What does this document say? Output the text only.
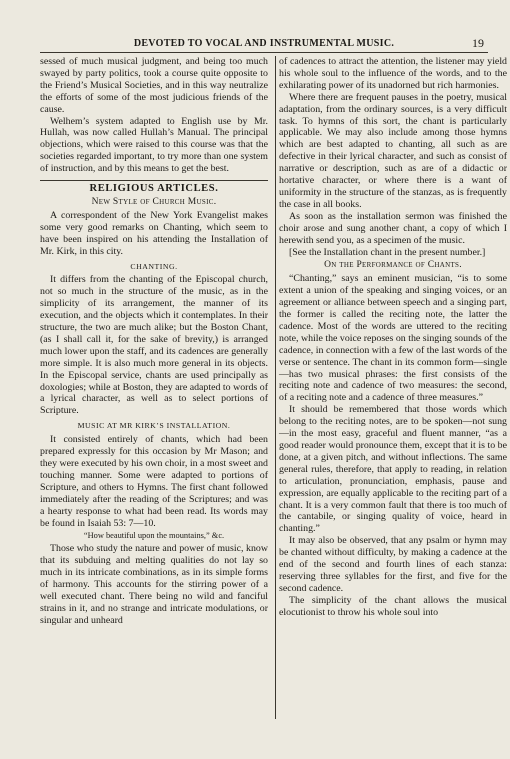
DEVOTED TO VOCAL AND INSTRUMENTAL MUSIC.	19

sessed of much musical judgment, and being too much swayed by party politics, took a course quite opposite to the Friend’s Musical Societies, and in this way neutralize the efforts of some of the most judicious friends of the cause.

Welhem’s system adapted to English use by Mr. Hullah, was now called Hullah’s Manual. The principal objections, which were raised to this course was that the societies regarded important, to try more than one system of instruction, and by this means to get the best.

RELIGIOUS ARTICLES.
New Style of Church Music.

A correspondent of the New York Evangelist makes some very good remarks on Chanting, which seem to have been inspired on his attending the Installation of Mr. Kirk, in this city.

CHANTING.

It differs from the chanting of the Episcopal church, not so much in the structure of the music, as in the simplicity of its arrangement, the manner of its execution, and the objects which it contemplates. In their structure, the two are much alike; but the Boston Chant, (as I shall call it, for the sake of brevity,) is arranged much lower upon the staff, and its cadences are generally more simple. It is also much more general in its objects. In the Episcopal service, chants are used principally as doxologies; while at Boston, they are adapted to words of a lyrical character, as well as to select portions of Scripture.

MUSIC AT MR KIRK’S INSTALLATION.

It consisted entirely of chants, which had been prepared expressly for this occasion by Mr Mason; and they were executed by his own choir, in a most sweet and touching manner. Some were adapted to portions of Scripture, and others to Hymns. The first chant followed immediately after the reading of the Scriptures; and was a hearty response to what had been read. Its words may be found in Isaiah 53: 7—10.

“How beautiful upon the mountains,” &c.

Those who study the nature and power of music, know that its subduing and melting qualities do not lay so much in its intricate combinations, as in its simple forms of harmony. This accounts for the stirring power of a well executed chant. There being no wild and fanciful strains in it, and no strange and intricate modulations, or singular and unheard

of cadences to attract the attention, the listener may yield his whole soul to the influence of the words, and to the exhilarating power of its unadorned but rich harmonies.

Where there are frequent pauses in the poetry, musical adaptation, from the ordinary sources, is a very difficult task. To hymns of this sort, the chant is particularly applicable. We may also include among those hymns which are best adapted to chanting, all such as are defective in their lyrical character, and such as consist of narrative or description, such as are of a didactic or hortative character, or where there is a want of uniformity in the structure of the stanzas, as is frequently the case in all books.

As soon as the installation sermon was finished the choir arose and sung another chant, a copy of which I herewith send you, as a specimen of the music.

[See the Installation chant in the present number.]

On the Performance of Chants.

“Chanting,” says an eminent musician, “is to some extent a union of the speaking and singing voices, or an agreement or alliance between speech and a singing part, the former is called the reciting note, the latter the cadence. Most of the words are uttered to the reciting note, while the voice reposes on the singing sounds of the cadence, in connection with a few of the last words of the verse or sentence. The chant in its common form—single—has two musical phrases: the first consists of the reciting note and cadence of two measures: the second, of a reciting note and a cadence of three measures.”

It should be remembered that those words which belong to the reciting notes, are to be spoken—not sung—in the most easy, graceful and fluent manner, “as a good reader would pronounce them, except that it is to be done, at a given pitch, and without inflections. The same general rules, therefore, that apply to reading, in relation to articulation, pronunciation, emphasis, pause and expression, are equally applicable to the reciting part of a chant. It is a very common fault that there is too much of the cantabile, or singing quality of voice, heard in chanting.”

It may also be observed, that any psalm or hymn may be chanted without difficulty, by making a cadence at the end of the second and fourth lines of each stanza: reserving three syllables for the first, and five for the second cadence.

The simplicity of the chant allows the musical elocutionist to throw his whole soul into
